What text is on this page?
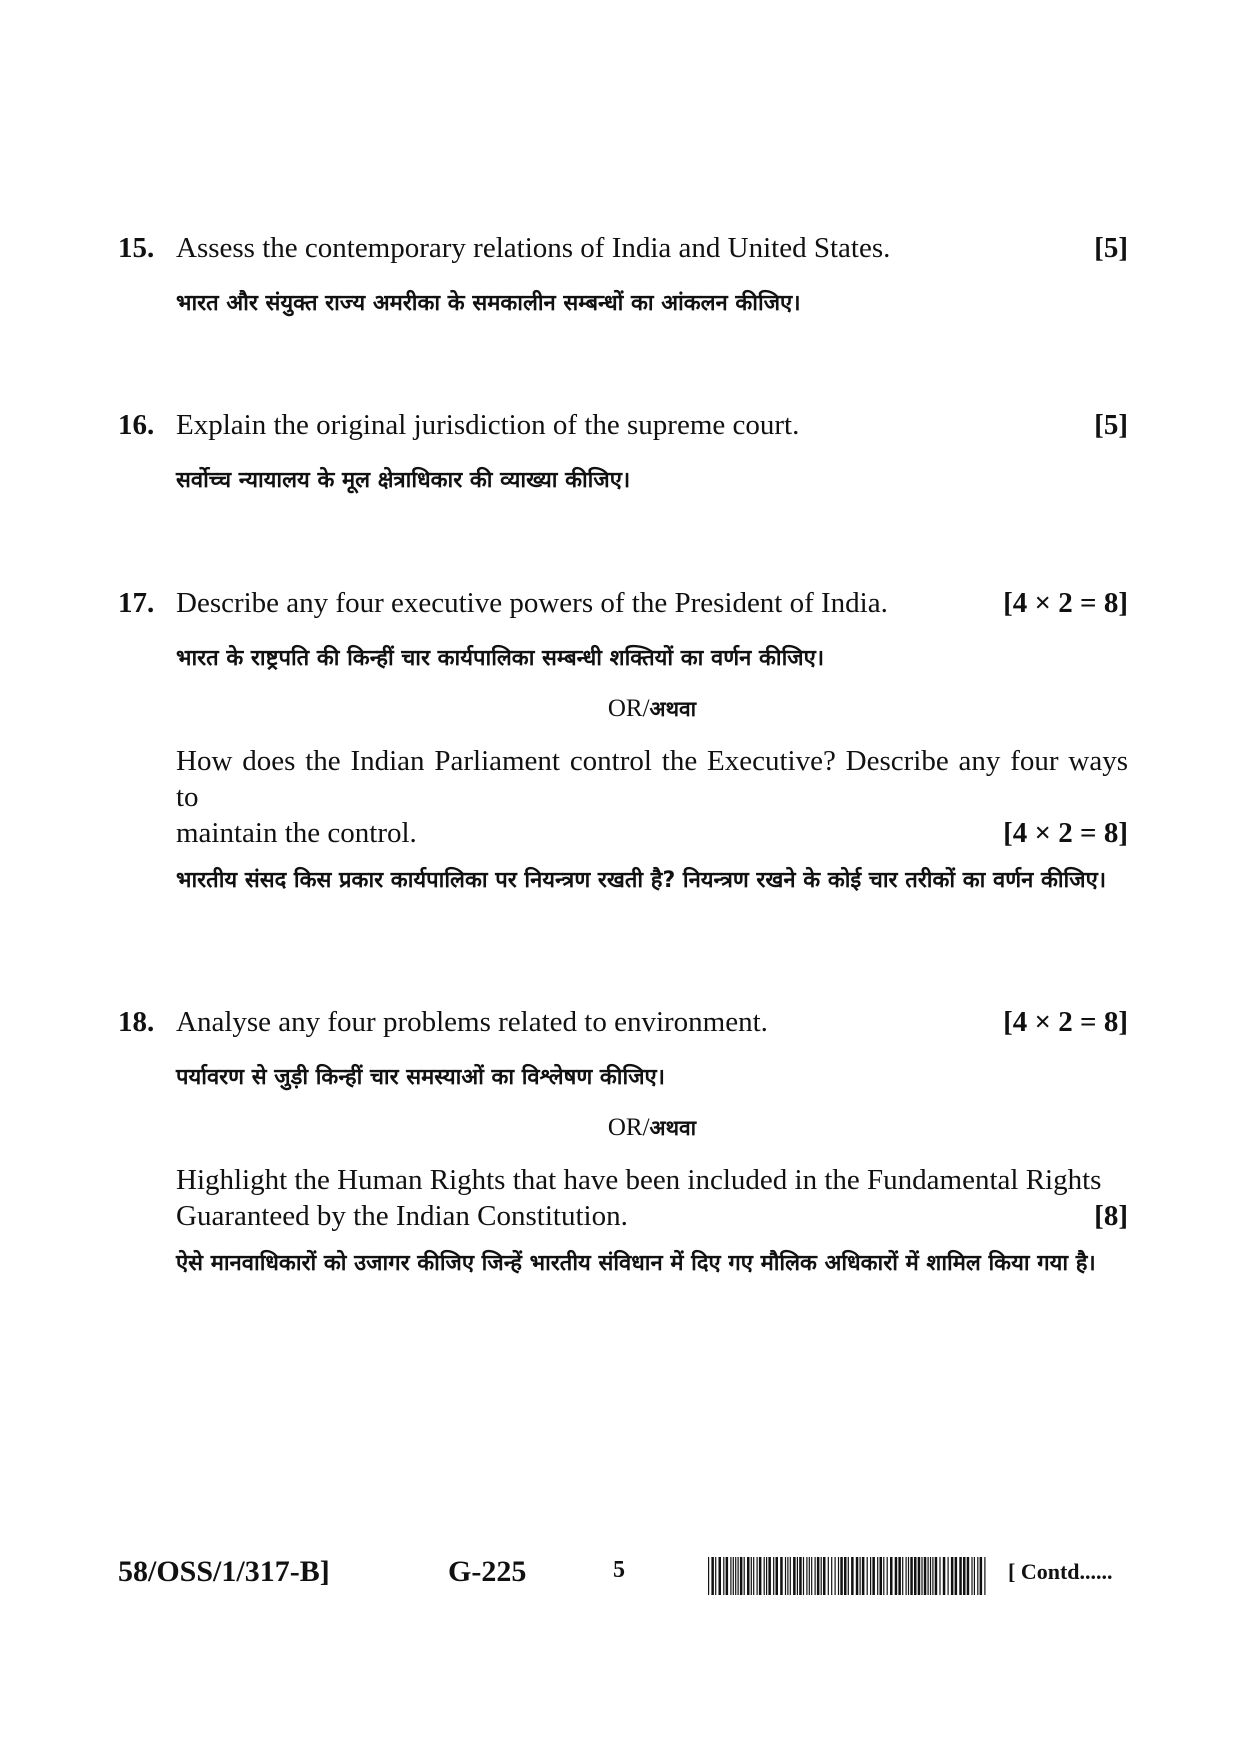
15. Assess the contemporary relations of India and United States.	[5]
भारत और संयुक्त राज्य अमरीका के समकालीन सम्बन्धों का आंकलन कीजिए।
16. Explain the original jurisdiction of the supreme court.	[5]
सर्वोच्च न्यायालय के मूल क्षेत्राधिकार की व्याख्या कीजिए।
17. Describe any four executive powers of the President of India.	[4 × 2 = 8]
भारत के राष्ट्रपति की किन्हीं चार कार्यपालिका सम्बन्धी शक्तियों का वर्णन कीजिए।
OR/अथवा
How does the Indian Parliament control the Executive? Describe any four ways to
maintain the control.	[4 × 2 = 8]
भारतीय संसद किस प्रकार कार्यपालिका पर नियन्त्रण रखती है? नियन्त्रण रखने के कोई चार तरीकों का वर्णन कीजिए।
18. Analyse any four problems related to environment.	[4 × 2 = 8]
पर्यावरण से जुड़ी किन्हीं चार समस्याओं का विश्लेषण कीजिए।
OR/अथवा
Highlight the Human Rights that have been included in the Fundamental Rights
Guaranteed by the Indian Constitution.	[8]
ऐसे मानवाधिकारों को उजागर कीजिए जिन्हें भारतीय संविधान में दिए गए मौलिक अधिकारों में शामिल किया गया है।
58/OSS/1/317-B]	G-225	5	[ Contd......
